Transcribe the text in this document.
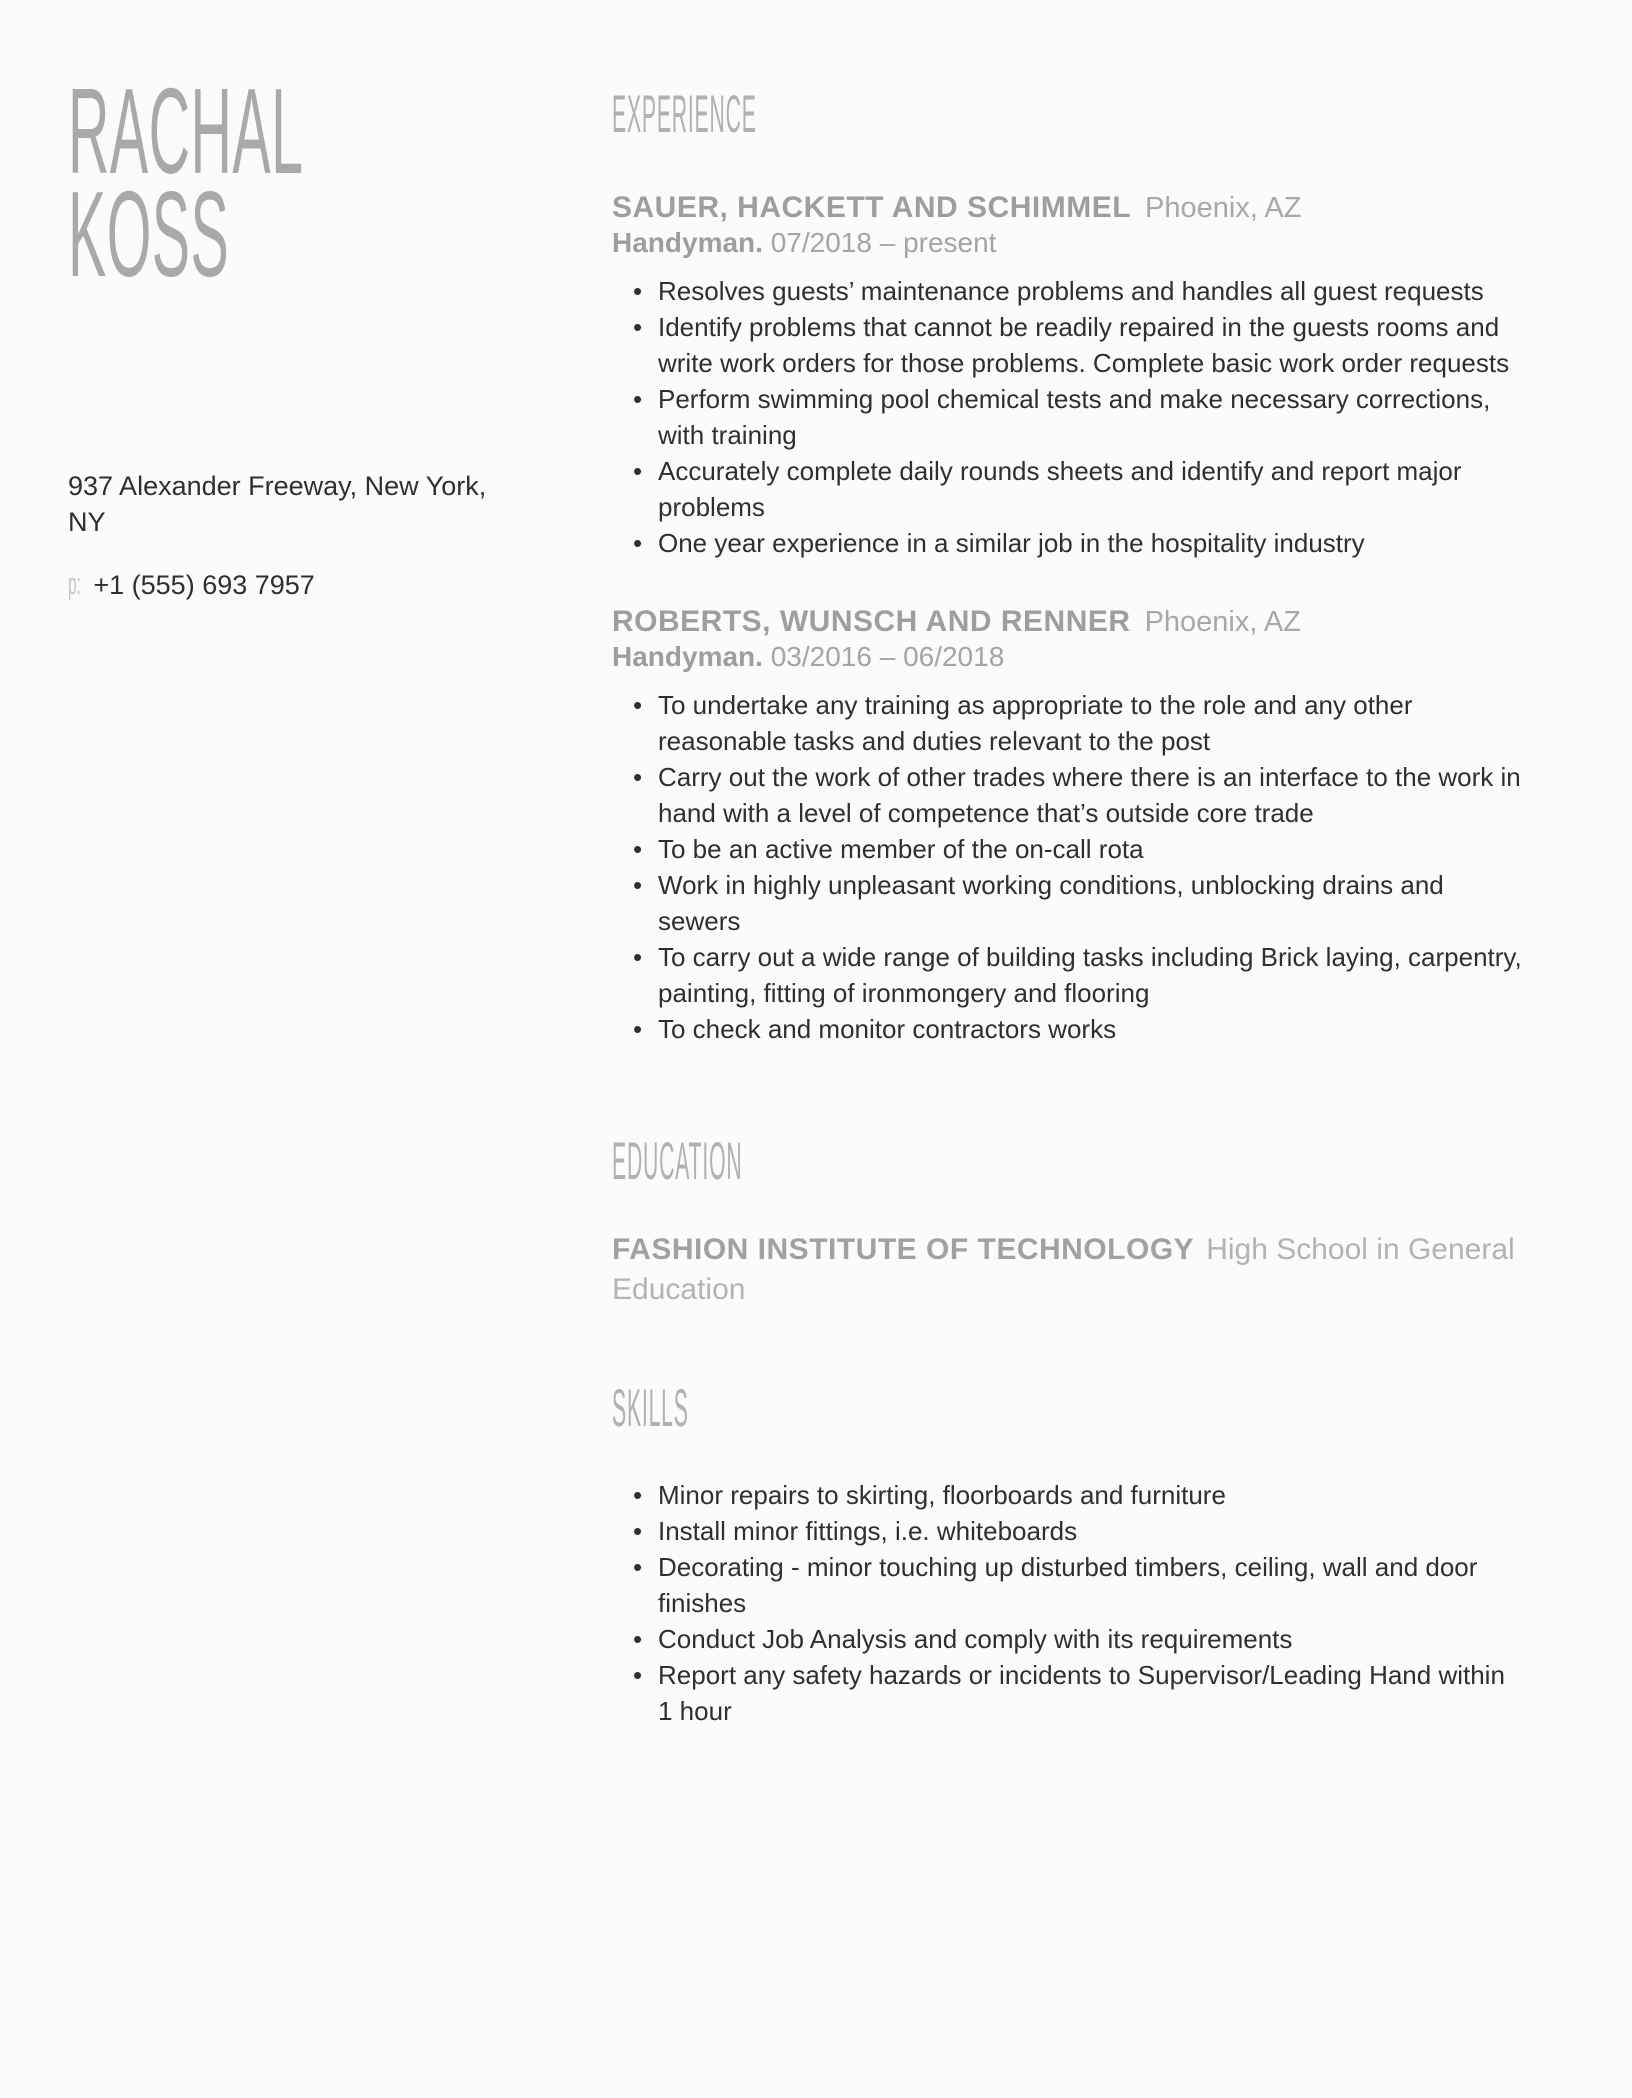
RACHAL KOSS

937 Alexander Freeway, New York, NY

p: +1 (555) 693 7957

EXPERIENCE
SAUER, HACKETT AND SCHIMMEL Phoenix, AZ
Handyman. 07/2018 – present
• Resolves guests’ maintenance problems and handles all guest requests
• Identify problems that cannot be readily repaired in the guests rooms and write work orders for those problems. Complete basic work order requests
• Perform swimming pool chemical tests and make necessary corrections, with training
• Accurately complete daily rounds sheets and identify and report major problems
• One year experience in a similar job in the hospitality industry
ROBERTS, WUNSCH AND RENNER Phoenix, AZ
Handyman. 03/2016 – 06/2018
• To undertake any training as appropriate to the role and any other reasonable tasks and duties relevant to the post
• Carry out the work of other trades where there is an interface to the work in hand with a level of competence that’s outside core trade
• To be an active member of the on-call rota
• Work in highly unpleasant working conditions, unblocking drains and sewers
• To carry out a wide range of building tasks including Brick laying, carpentry, painting, fitting of ironmongery and flooring
• To check and monitor contractors works
EDUCATION
FASHION INSTITUTE OF TECHNOLOGY High School in General Education
SKILLS
• Minor repairs to skirting, floorboards and furniture
• Install minor fittings, i.e. whiteboards
• Decorating - minor touching up disturbed timbers, ceiling, wall and door finishes
• Conduct Job Analysis and comply with its requirements
• Report any safety hazards or incidents to Supervisor/Leading Hand within 1 hour
